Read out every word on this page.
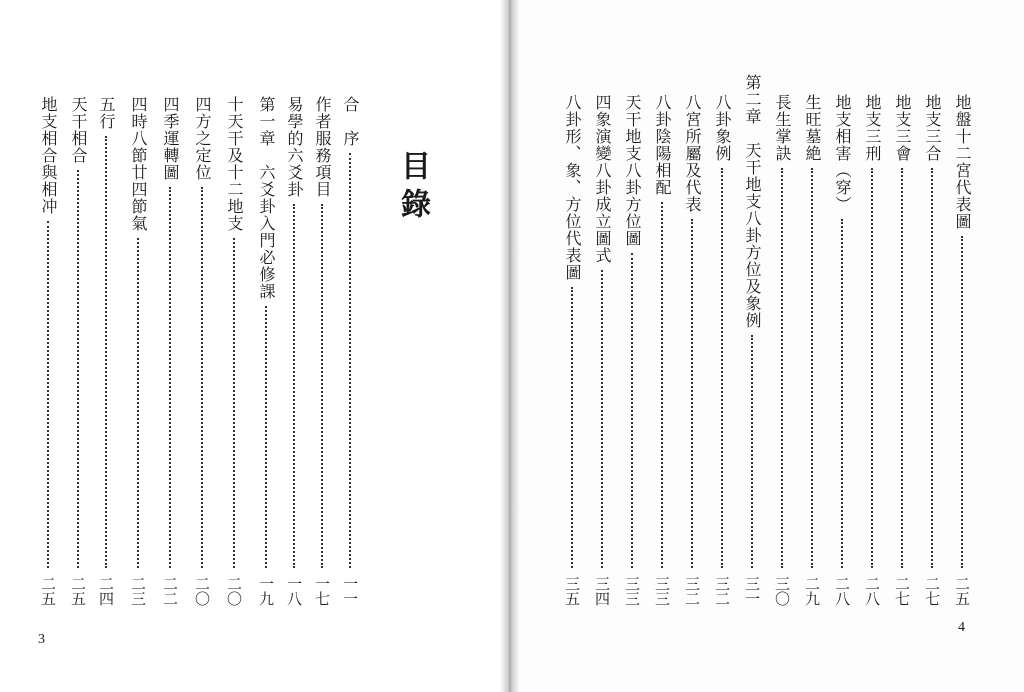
目錄
3
4
合　序
一一
作者服務項目
一七
易學的六爻卦
一八
第一章　六爻卦入門必修課
一九
十天干及十二地支
二〇
四方之定位
二〇
四季運轉圖
二二
四時八節廿四節氣
二三
五行
二四
天干相合
二五
地支相合與相冲
二五
地盤十二宮代表圖
二五
地支三合
二七
地支三會
二七
地支三刑
二八
地支相害（穿）
二八
生旺墓絶
二九
長生掌訣
三〇
第二章　天干地支八卦方位及象例
三一
八卦象例
三二
八宮所屬及代表
三二
八卦陰陽相配
三三
天干地支八卦方位圖
三三
四象演變八卦成立圖式
三四
八卦形、象、方位代表圖
三五
